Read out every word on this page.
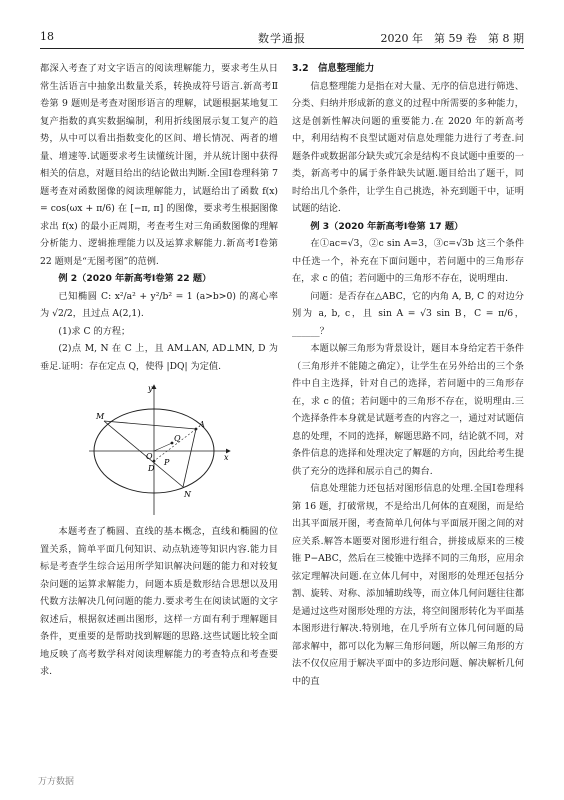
18	数学通报	2020 年　第 59 卷　第 8 期

都深入考查了对文字语言的阅读理解能力，要求考生从日常生活语言中抽象出数量关系，转换成符号语言.新高考Ⅱ卷第 9 题则是考查对图形语言的理解，试题根据某地复工复产指数的真实数据编制，利用折线图展示复工复产的趋势，从中可以看出指数变化的区间、增长情况、两者的增量、增速等.试题要求考生读懂统计图，并从统计图中获得相关的信息，对题目给出的结论做出判断.全国Ⅰ卷理科第 7 题考查对函数图像的阅读理解能力，试题给出了函数 f(x) = cos(ωx + π/6) 在 [−π, π] 的图像，要求考生根据图像求出 f(x) 的最小正周期，考查考生对三角函数图像的理解分析能力、逻辑推理能力以及运算求解能力.新高考Ⅰ卷第 22 题则是“无图考图”的范例.

例 2（2020 年新高考Ⅰ卷第 22 题）

已知椭圆 C: x²/a² + y²/b² = 1 (a>b>0) 的离心率为 √2/2，且过点 A(2,1).

(1)求 C 的方程；

(2)点 M, N 在 C 上，且 AM⊥AN, AD⊥MN, D 为垂足.证明：存在定点 Q，使得 |DQ| 为定值.

y
x
M
A
D
P
Q
O
N

本题考查了椭圆、直线的基本概念，直线和椭圆的位置关系，简单平面几何知识、动点轨迹等知识内容.能力目标是考查学生综合运用所学知识解决问题的能力和对较复杂问题的运算求解能力，问题本质是数形结合思想以及用代数方法解决几何问题的能力.要求考生在阅读试题的文字叙述后，根据叙述画出图形，这样一方面有利于理解题目条件，更重要的是帮助找到解题的思路.这些试题比较全面地反映了高考数学科对阅读理解能力的考查特点和考查要求.

3.2　信息整理能力

信息整理能力是指在对大量、无序的信息进行筛选、分类、归纳并形成新的意义的过程中所需要的多种能力，这是创新性解决问题的重要能力.在 2020 年的新高考中，利用结构不良型试题对信息处理能力进行了考查.问题条件或数据部分缺失或冗余是结构不良试题中重要的一类，新高考中的属于条件缺失试题.题目给出了题干，同时给出几个条件，让学生自己挑选，补充到题干中，证明试题的结论.

例 3（2020 年新高考Ⅰ卷第 17 题）

在①ac=√3，②c sin A=3，③c=√3b 这三个条件中任选一个，补充在下面问题中，若问题中的三角形存在，求 c 的值；若问题中的三角形不存在，说明理由.

问题：是否存在△ABC，它的内角 A, B, C 的对边分别为 a, b, c，且 sin A = √3 sin B，C = π/6，______？

本题以解三角形为背景设计，题目本身给定若干条件（三角形并不能随之确定），让学生在另外给出的三个条件中自主选择，针对自己的选择，若问题中的三角形存在，求 c 的值；若问题中的三角形不存在，说明理由.三个选择条件本身就是试题考查的内容之一，通过对试题信息的处理，不同的选择，解题思路不同，结论就不同，对条件信息的选择和处理决定了解题的方向，因此给考生提供了充分的选择和展示自己的舞台.

信息处理能力还包括对图形信息的处理.全国Ⅰ卷理科第 16 题，打破常规，不是给出几何体的直观图，而是给出其平面展开图，考查简单几何体与平面展开图之间的对应关系.解答本题要对图形进行组合，拼接成原来的三棱锥 P−ABC，然后在三棱锥中选择不同的三角形，应用余弦定理解决问题.在立体几何中，对图形的处理还包括分割、旋转、对称、添加辅助线等，而立体几何问题往往都是通过这些对图形处理的方法，将空间图形转化为平面基本图形进行解决.特别地，在几乎所有立体几何问题的局部求解中，都可以化为解三角形问题，所以解三角形的方法不仅仅应用于解决平面中的多边形问题、解决解析几何中的直

万方数据
